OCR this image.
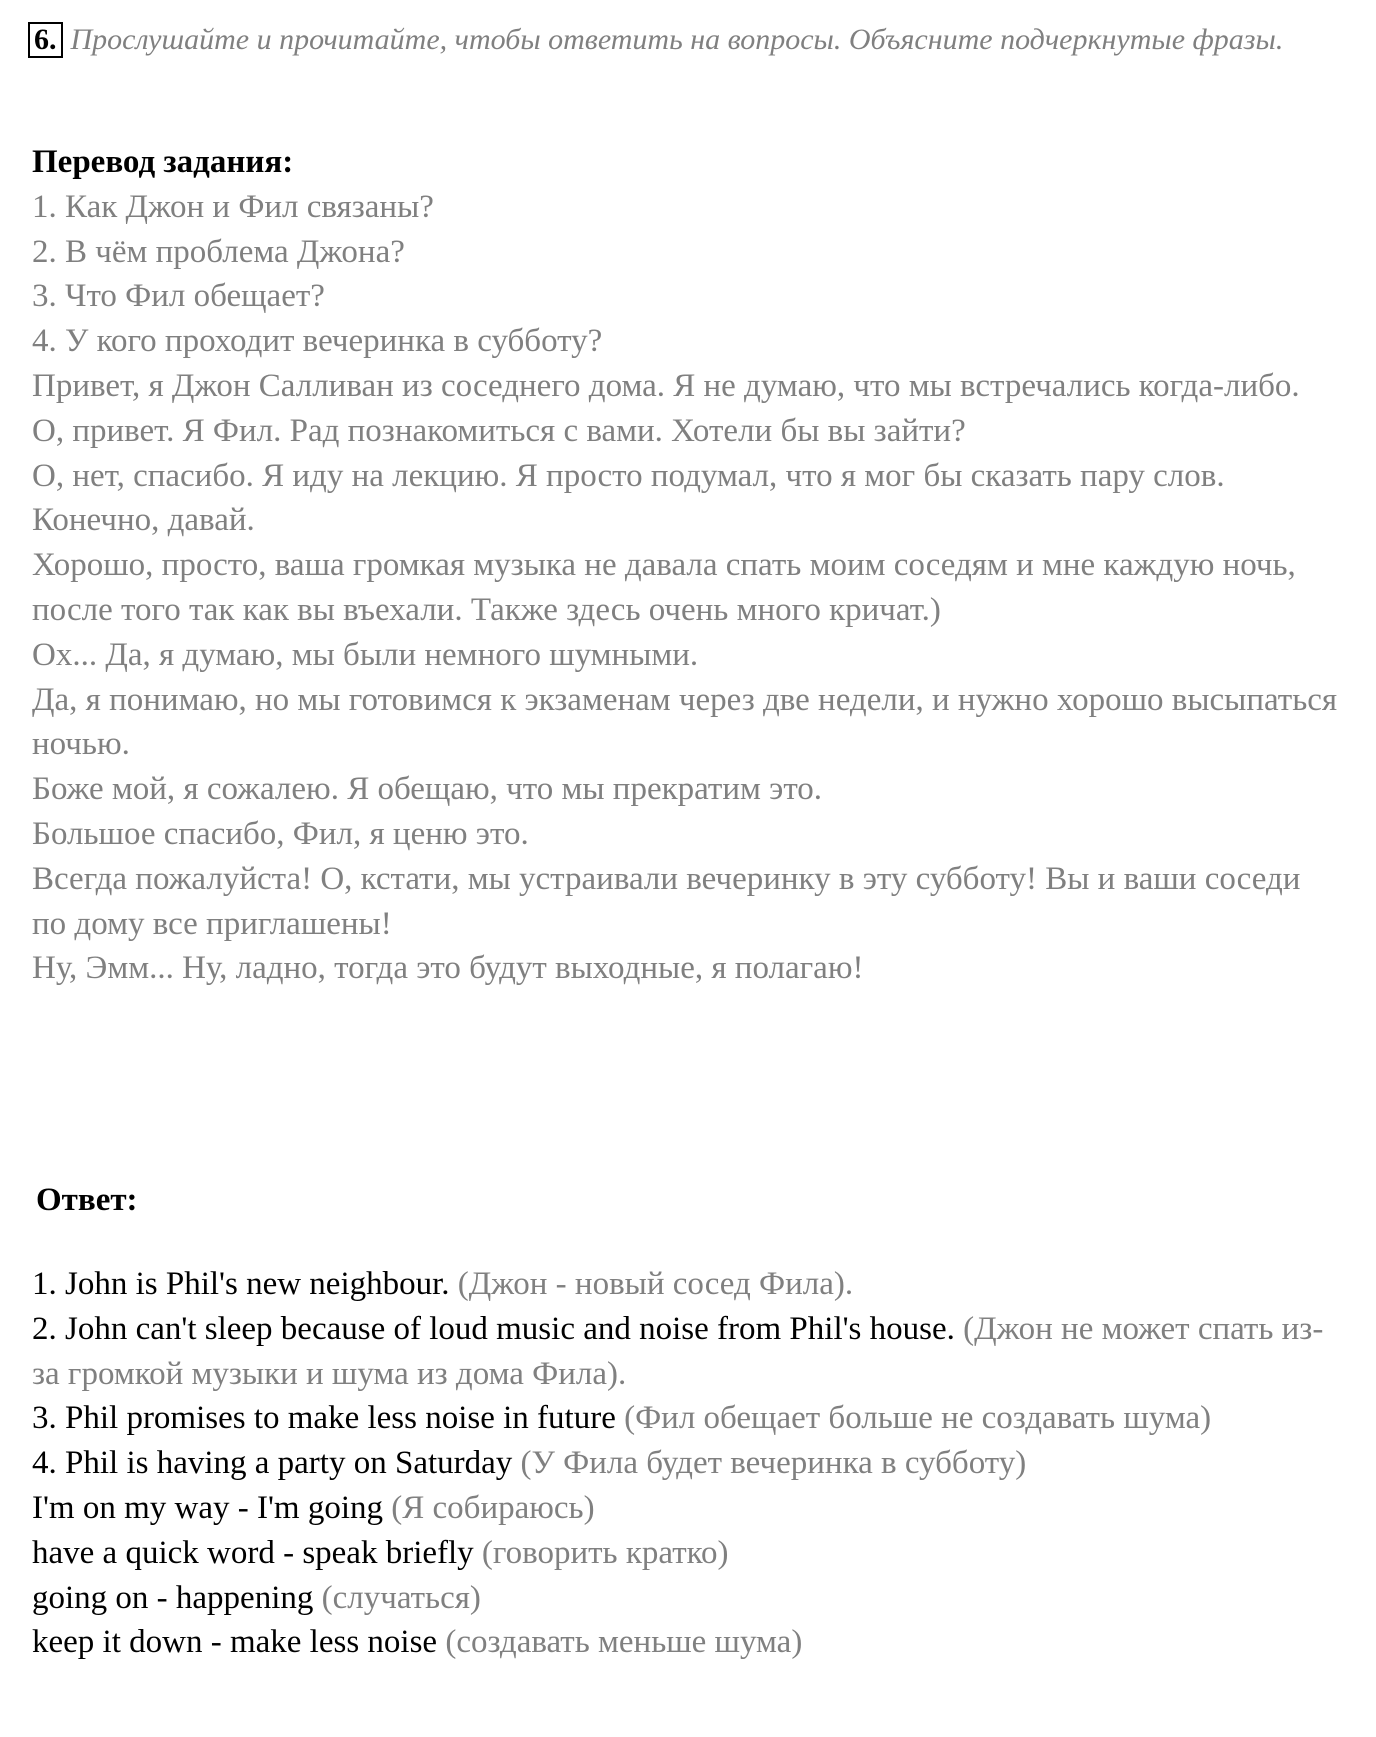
6. Прослушайте и прочитайте, чтобы ответить на вопросы. Объясните подчеркнутые фразы.
Перевод задания:
1. Как Джон и Фил связаны?
2. В чём проблема Джона?
3. Что Фил обещает?
4. У кого проходит вечеринка в субботу?
Привет, я Джон Салливан из соседнего дома. Я не думаю, что мы встречались когда-либо.
О, привет. Я Фил. Рад познакомиться с вами. Хотели бы вы зайти?
О, нет, спасибо. Я иду на лекцию. Я просто подумал, что я мог бы сказать пару слов.
Конечно, давай.
Хорошо, просто, ваша громкая музыка не давала спать моим соседям и мне каждую ночь, после того так как вы въехали. Также здесь очень много кричат.)
Ох... Да, я думаю, мы были немного шумными.
Да, я понимаю, но мы готовимся к экзаменам через две недели, и нужно хорошо высыпаться ночью.
Боже мой, я сожалею. Я обещаю, что мы прекратим это.
Большое спасибо, Фил, я ценю это.
Всегда пожалуйста! О, кстати, мы устраивали вечеринку в эту субботу! Вы и ваши соседи по дому все приглашены!
Ну, Эмм... Ну, ладно, тогда это будут выходные, я полагаю!
Ответ:
1. John is Phil's new neighbour. (Джон - новый сосед Фила).
2. John can't sleep because of loud music and noise from Phil's house. (Джон не может спать из-за громкой музыки и шума из дома Фила).
3. Phil promises to make less noise in future (Фил обещает больше не создавать шума)
4. Phil is having a party on Saturday (У Фила будет вечеринка в субботу)
I'm on my way - I'm going (Я собираюсь)
have a quick word - speak briefly (говорить кратко)
going on - happening (случаться)
keep it down - make less noise (создавать меньше шума)
